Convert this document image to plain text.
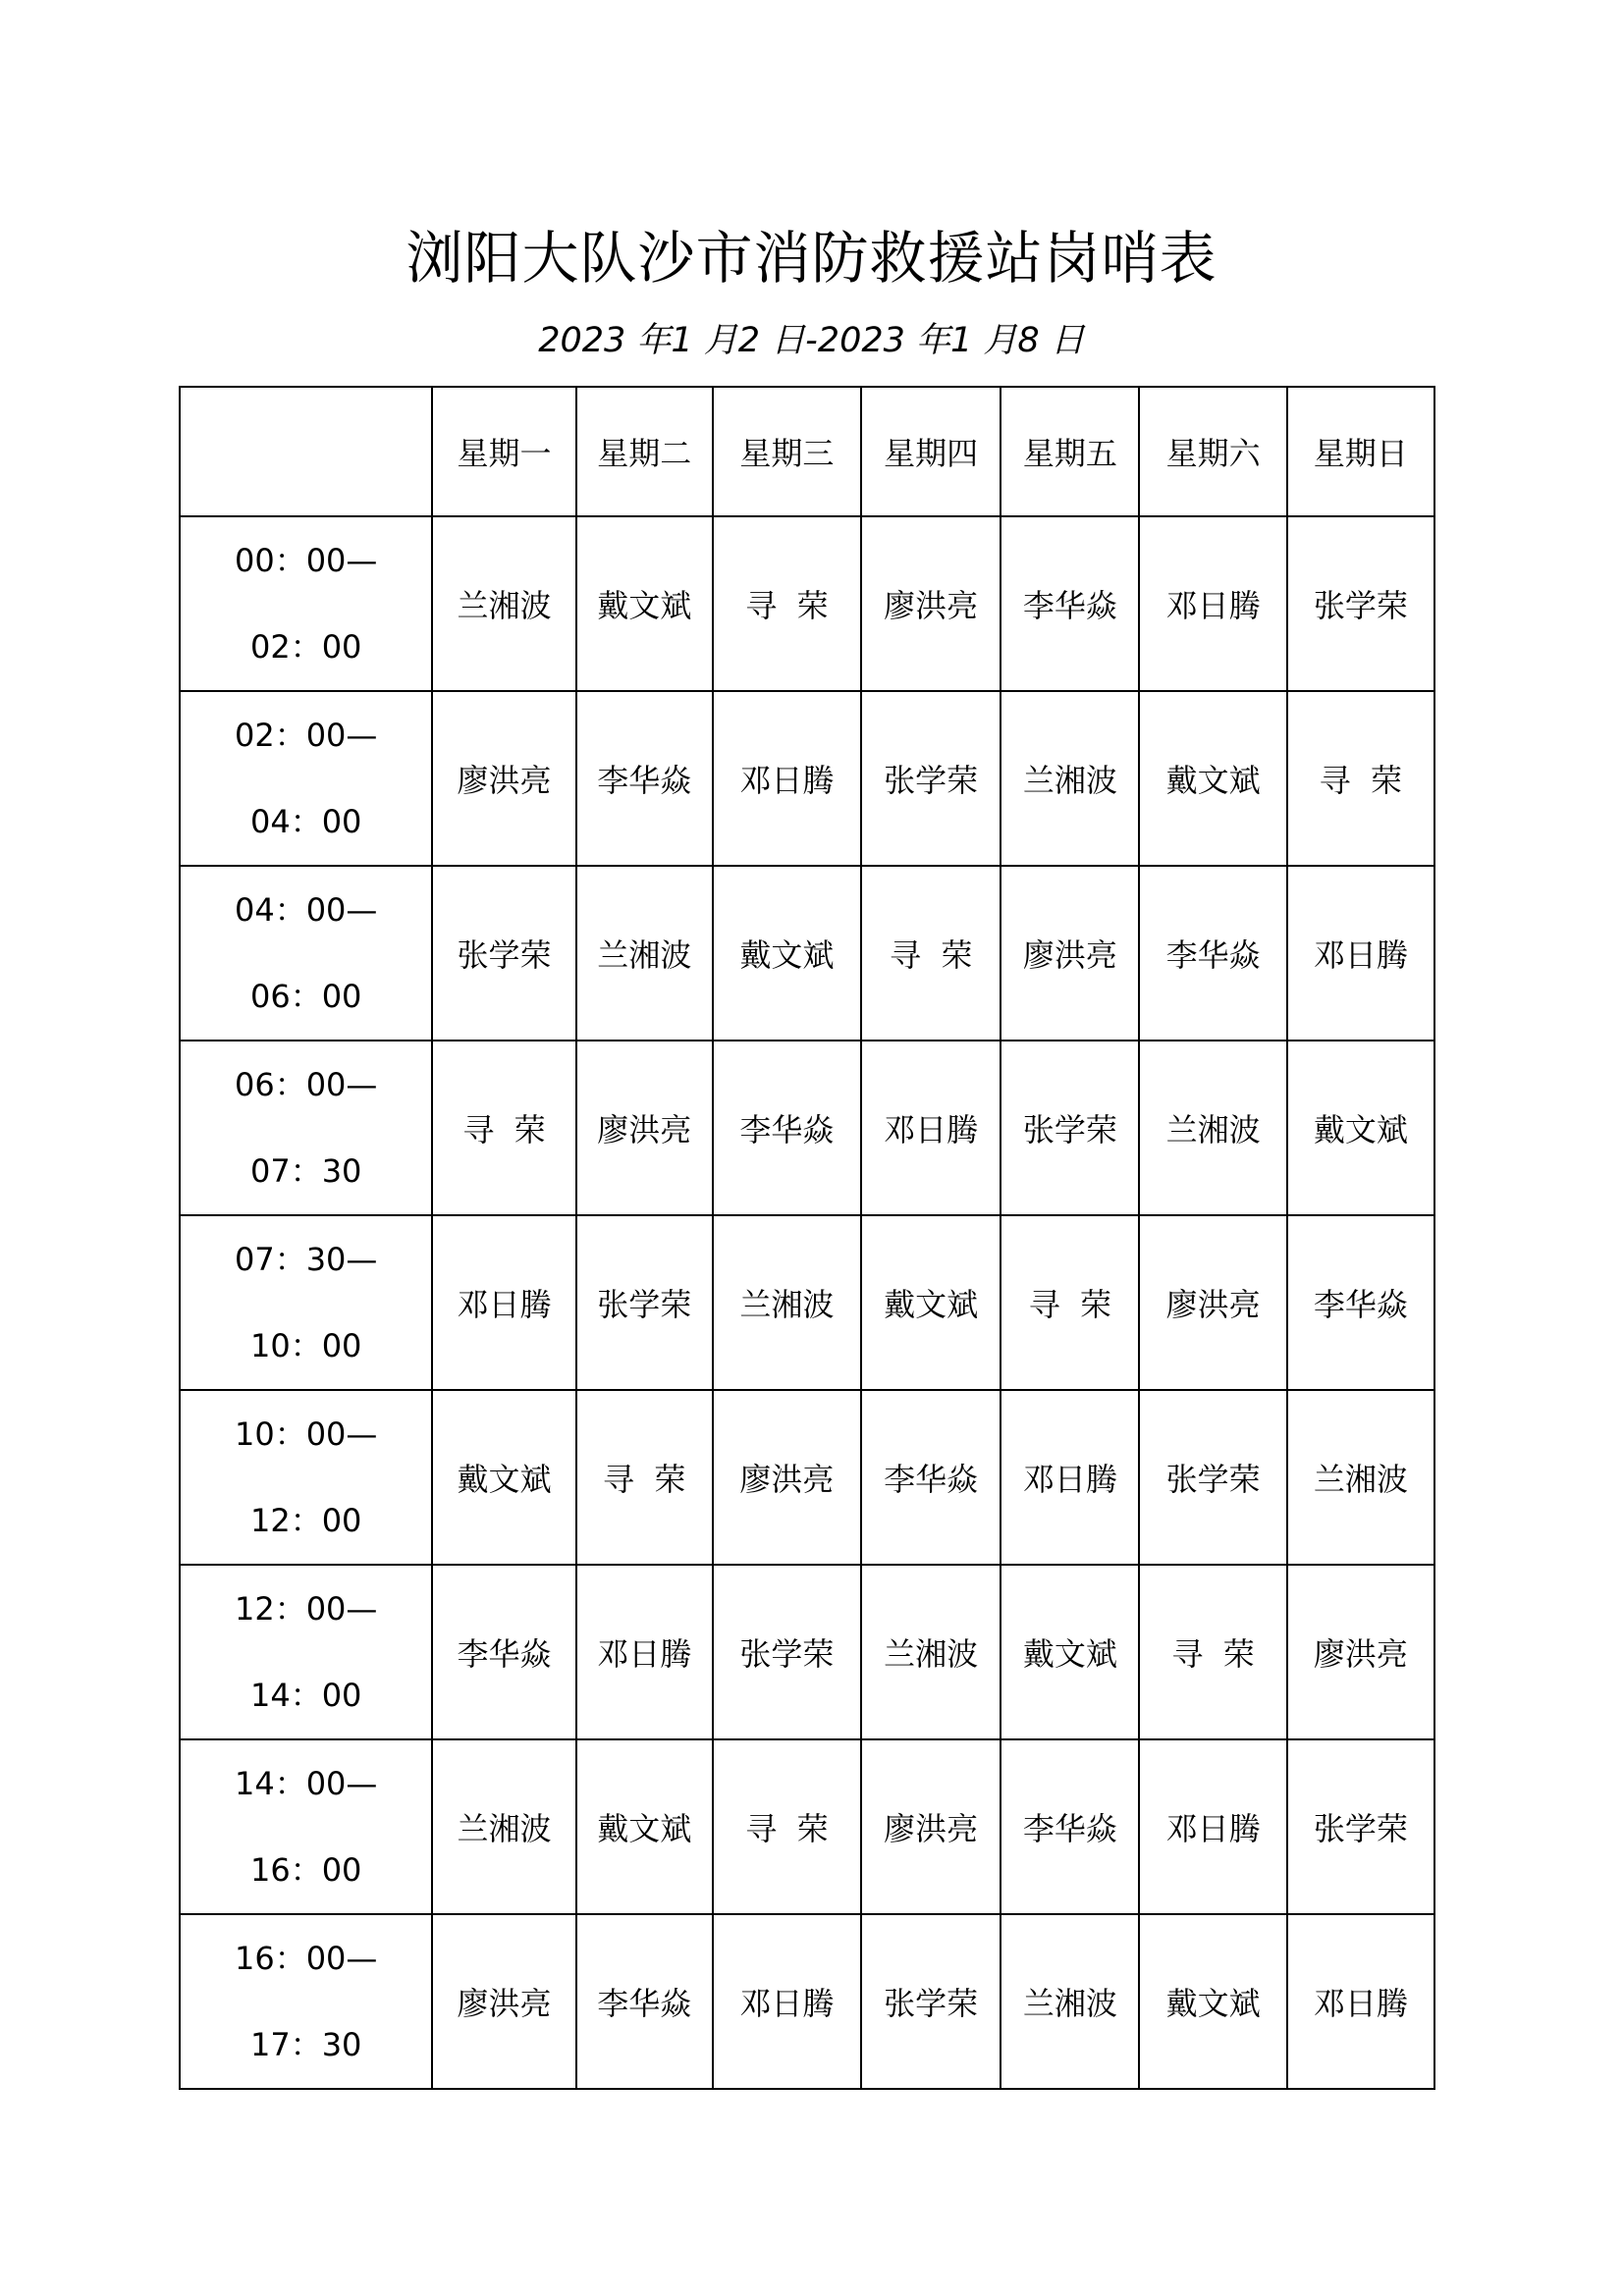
浏阳大队沙市消防救援站岗哨表
2023 年1 月2 日-2023 年1 月8 日
	星期一	星期二	星期三	星期四	星期五	星期六	星期日

00：00—
02：00	兰湘波	戴文斌	寻  荣	廖洪亮	李华焱	邓日腾	张学荣

02：00—
04：00	廖洪亮	李华焱	邓日腾	张学荣	兰湘波	戴文斌	寻  荣

04：00—
06：00	张学荣	兰湘波	戴文斌	寻  荣	廖洪亮	李华焱	邓日腾

06：00—
07：30	寻  荣	廖洪亮	李华焱	邓日腾	张学荣	兰湘波	戴文斌

07：30—
10：00	邓日腾	张学荣	兰湘波	戴文斌	寻  荣	廖洪亮	李华焱

10：00—
12：00	戴文斌	寻  荣	廖洪亮	李华焱	邓日腾	张学荣	兰湘波

12：00—
14：00	李华焱	邓日腾	张学荣	兰湘波	戴文斌	寻  荣	廖洪亮

14：00—
16：00	兰湘波	戴文斌	寻  荣	廖洪亮	李华焱	邓日腾	张学荣

16：00—
17：30	廖洪亮	李华焱	邓日腾	张学荣	兰湘波	戴文斌	邓日腾
